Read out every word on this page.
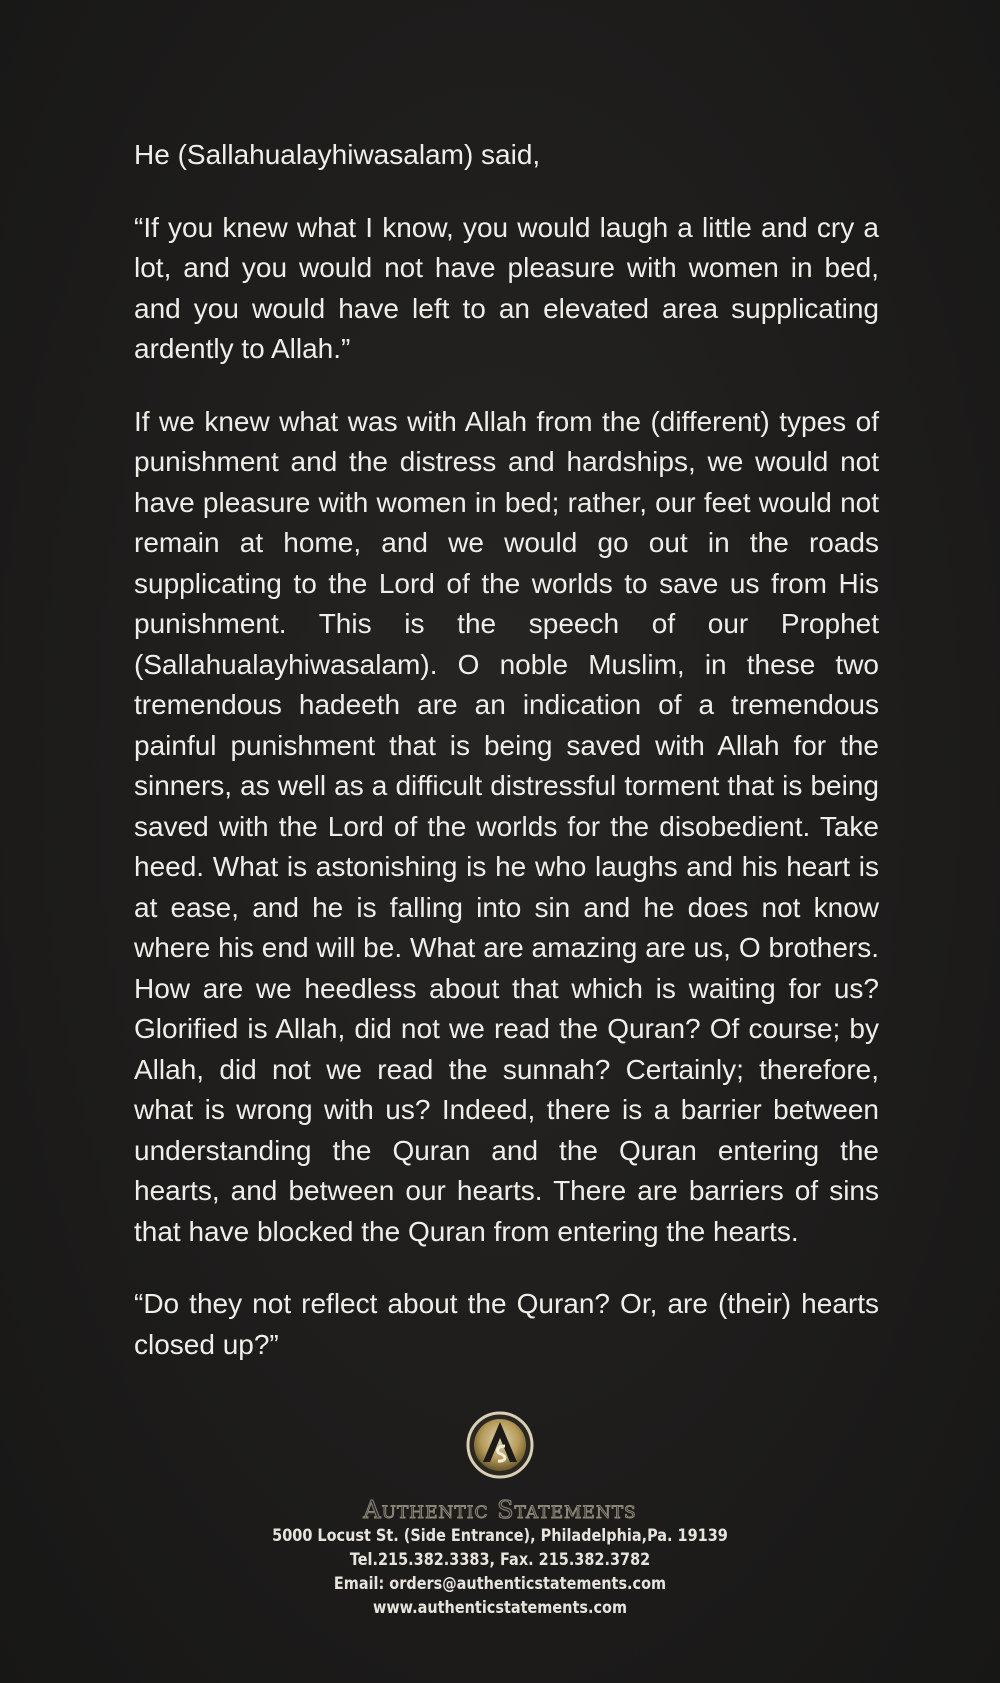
He (Sallahualayhiwasalam) said,

“If you knew what I know, you would laugh a little and cry a lot, and you would not have pleasure with women in bed, and you would have left to an elevated area supplicating ardently to Allah.”

If we knew what was with Allah from the (different) types of punishment and the distress and hardships, we would not have pleasure with women in bed; rather, our feet would not remain at home, and we would go out in the roads supplicating to the Lord of the worlds to save us from His punishment. This is the speech of our Prophet (Sallahualayhiwasalam). O noble Muslim, in these two tremendous hadeeth are an indication of a tremendous painful punishment that is being saved with Allah for the sinners, as well as a difficult distressful torment that is being saved with the Lord of the worlds for the disobedient. Take heed. What is astonishing is he who laughs and his heart is at ease, and he is falling into sin and he does not know where his end will be. What are amazing are us, O brothers. How are we heedless about that which is waiting for us? Glorified is Allah, did not we read the Quran? Of course; by Allah, did not we read the sunnah? Certainly; therefore, what is wrong with us? Indeed, there is a barrier between understanding the Quran and the Quran entering the hearts, and between our hearts. There are barriers of sins that have blocked the Quran from entering the hearts.

“Do they not reflect about the Quran? Or, are (their) hearts closed up?”

Authentic Statements
5000 Locust St. (Side Entrance), Philadelphia,Pa. 19139
Tel.215.382.3383, Fax. 215.382.3782
Email: orders@authenticstatements.com
www.authenticstatements.com
